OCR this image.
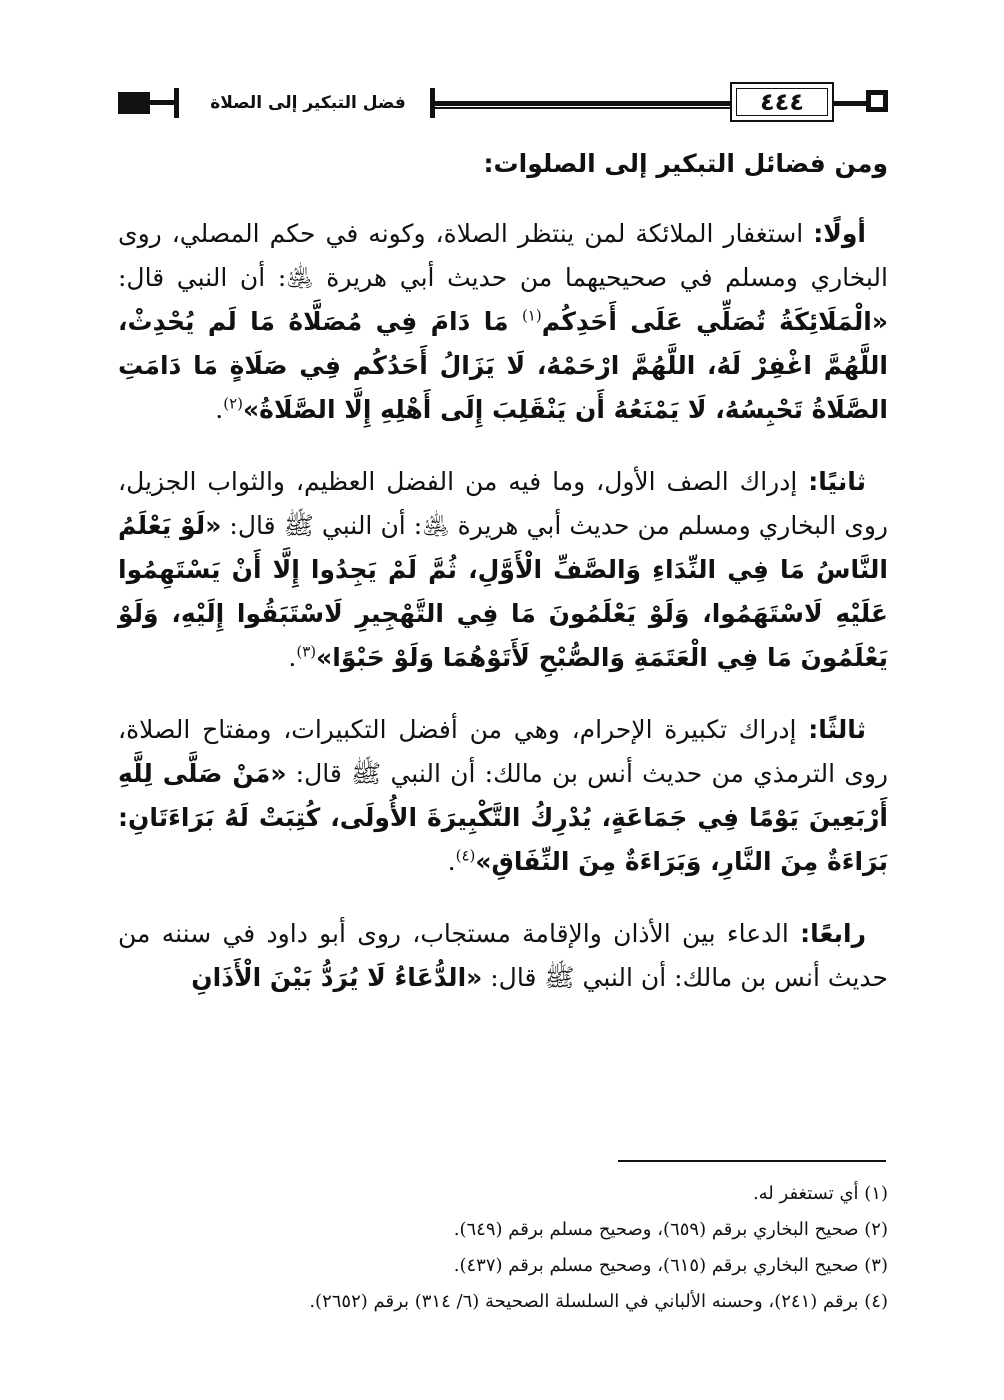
فضل التبكير إلى الصلاة	٤٤٤
ومن فضائل التبكير إلى الصلوات:

أولًا: استغفار الملائكة لمن ينتظر الصلاة، وكونه في حكم المصلي، روى البخاري ومسلم في صحيحيهما من حديث أبي هريرة ﵁: أن النبي قال: «الْمَلَائِكَةُ تُصَلِّي عَلَى أَحَدِكُم$^{(١)}$ مَا دَامَ فِي مُصَلَّاهُ مَا لَم يُحْدِثْ، اللَّهُمَّ اغْفِرْ لَهُ، اللَّهُمَّ ارْحَمْهُ، لَا يَزَالُ أَحَدُكُم فِي صَلَاةٍ مَا دَامَتِ الصَّلَاةُ تَحْبِسُهُ، لَا يَمْنَعُهُ أَن يَنْقَلِبَ إِلَى أَهْلِهِ إِلَّا الصَّلَاةُ»$^{(٢)}$.

ثانيًا: إدراك الصف الأول، وما فيه من الفضل العظيم، والثواب الجزيل، روى البخاري ومسلم من حديث أبي هريرة ﵁: أن النبي ﷺ قال: «لَوْ يَعْلَمُ النَّاسُ مَا فِي النِّدَاءِ وَالصَّفِّ الْأَوَّلِ، ثُمَّ لَمْ يَجِدُوا إِلَّا أَنْ يَسْتَهِمُوا عَلَيْهِ لَاسْتَهَمُوا، وَلَوْ يَعْلَمُونَ مَا فِي التَّهْجِيرِ لَاسْتَبَقُوا إِلَيْهِ، وَلَوْ يَعْلَمُونَ مَا فِي الْعَتَمَةِ وَالصُّبْحِ لَأَتَوْهُمَا وَلَوْ حَبْوًا»$^{(٣)}$.

ثالثًا: إدراك تكبيرة الإحرام، وهي من أفضل التكبيرات، ومفتاح الصلاة، روى الترمذي من حديث أنس بن مالك: أن النبي ﷺ قال: «مَنْ صَلَّى لِلَّهِ أَرْبَعِينَ يَوْمًا فِي جَمَاعَةٍ، يُدْرِكُ التَّكْبِيرَةَ الأُولَى، كُتِبَتْ لَهُ بَرَاءَتَانِ: بَرَاءَةٌ مِنَ النَّارِ، وَبَرَاءَةٌ مِنَ النِّفَاقِ»$^{(٤)}$.

رابعًا: الدعاء بين الأذان والإقامة مستجاب، روى أبو داود في سننه من حديث أنس بن مالك: أن النبي ﷺ قال: «الدُّعَاءُ لَا يُرَدُّ بَيْنَ الْأَذَانِ

(١) أي تستغفر له.
(٢) صحيح البخاري برقم (٦٥٩)، وصحيح مسلم برقم (٦٤٩).
(٣) صحيح البخاري برقم (٦١٥)، وصحيح مسلم برقم (٤٣٧).
(٤) برقم (٢٤١)، وحسنه الألباني في السلسلة الصحيحة (٦/ ٣١٤) برقم (٢٦٥٢).
